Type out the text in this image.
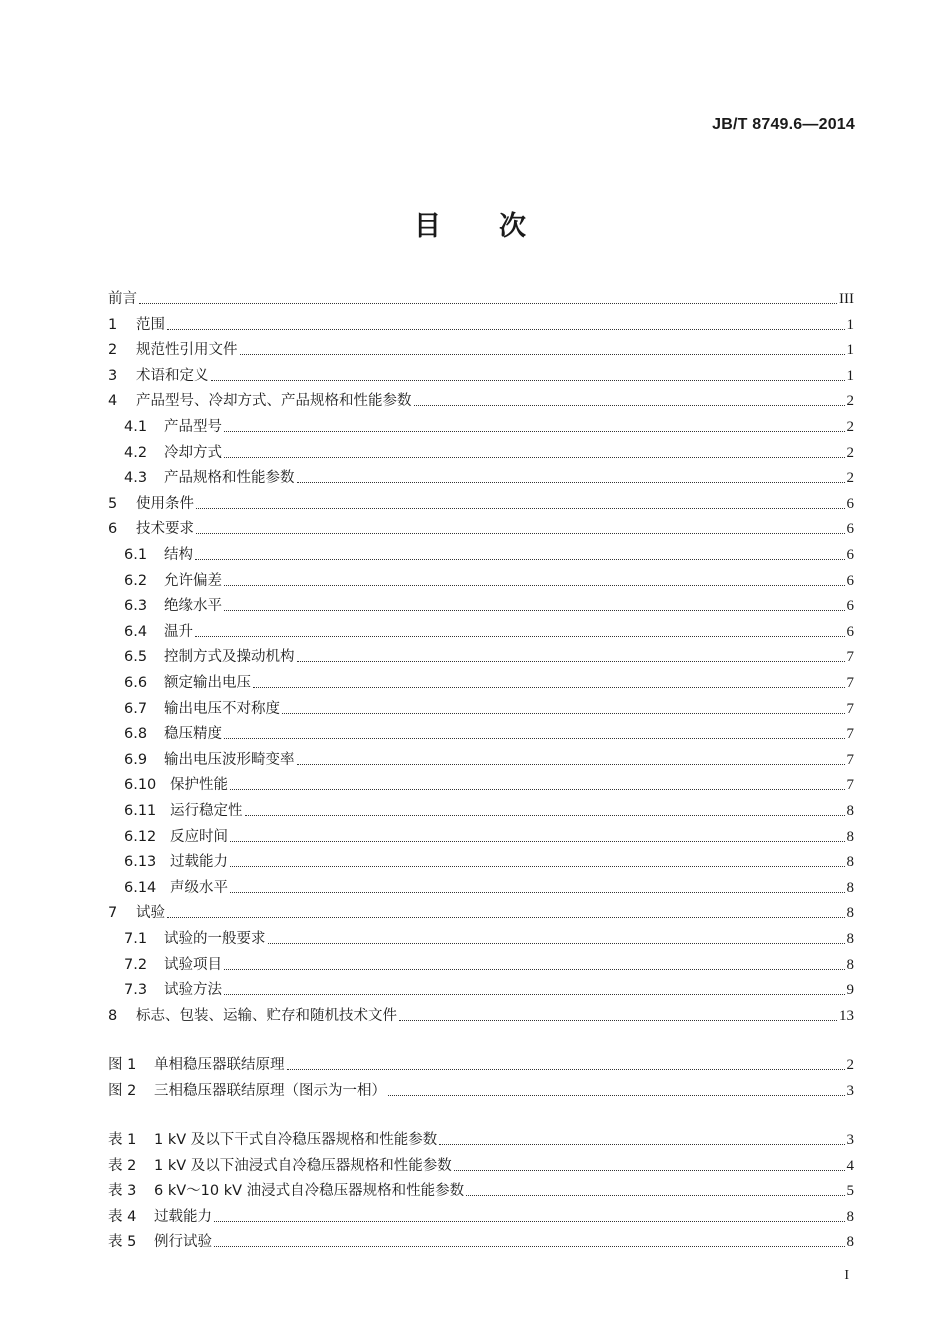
JB/T 8749.6—2014
目次
前言	III
1	范围	1
2	规范性引用文件	1
3	术语和定义	1
4	产品型号、冷却方式、产品规格和性能参数	2
4.1	产品型号	2
4.2	冷却方式	2
4.3	产品规格和性能参数	2
5	使用条件	6
6	技术要求	6
6.1	结构	6
6.2	允许偏差	6
6.3	绝缘水平	6
6.4	温升	6
6.5	控制方式及操动机构	7
6.6	额定输出电压	7
6.7	输出电压不对称度	7
6.8	稳压精度	7
6.9	输出电压波形畸变率	7
6.10 保护性能	7
6.11 运行稳定性	8
6.12 反应时间	8
6.13 过载能力	8
6.14 声级水平	8
7	试验	8
7.1	试验的一般要求	8
7.2	试验项目	8
7.3	试验方法	9
8	标志、包装、运输、贮存和随机技术文件	13
图 1	单相稳压器联结原理	2
图 2	三相稳压器联结原理（图示为一相）	3
表 1	1 kV 及以下干式自冷稳压器规格和性能参数	3
表 2	1 kV 及以下油浸式自冷稳压器规格和性能参数	4
表 3	6 kV～10 kV 油浸式自冷稳压器规格和性能参数	5
表 4	过载能力	8
表 5	例行试验	8
I
